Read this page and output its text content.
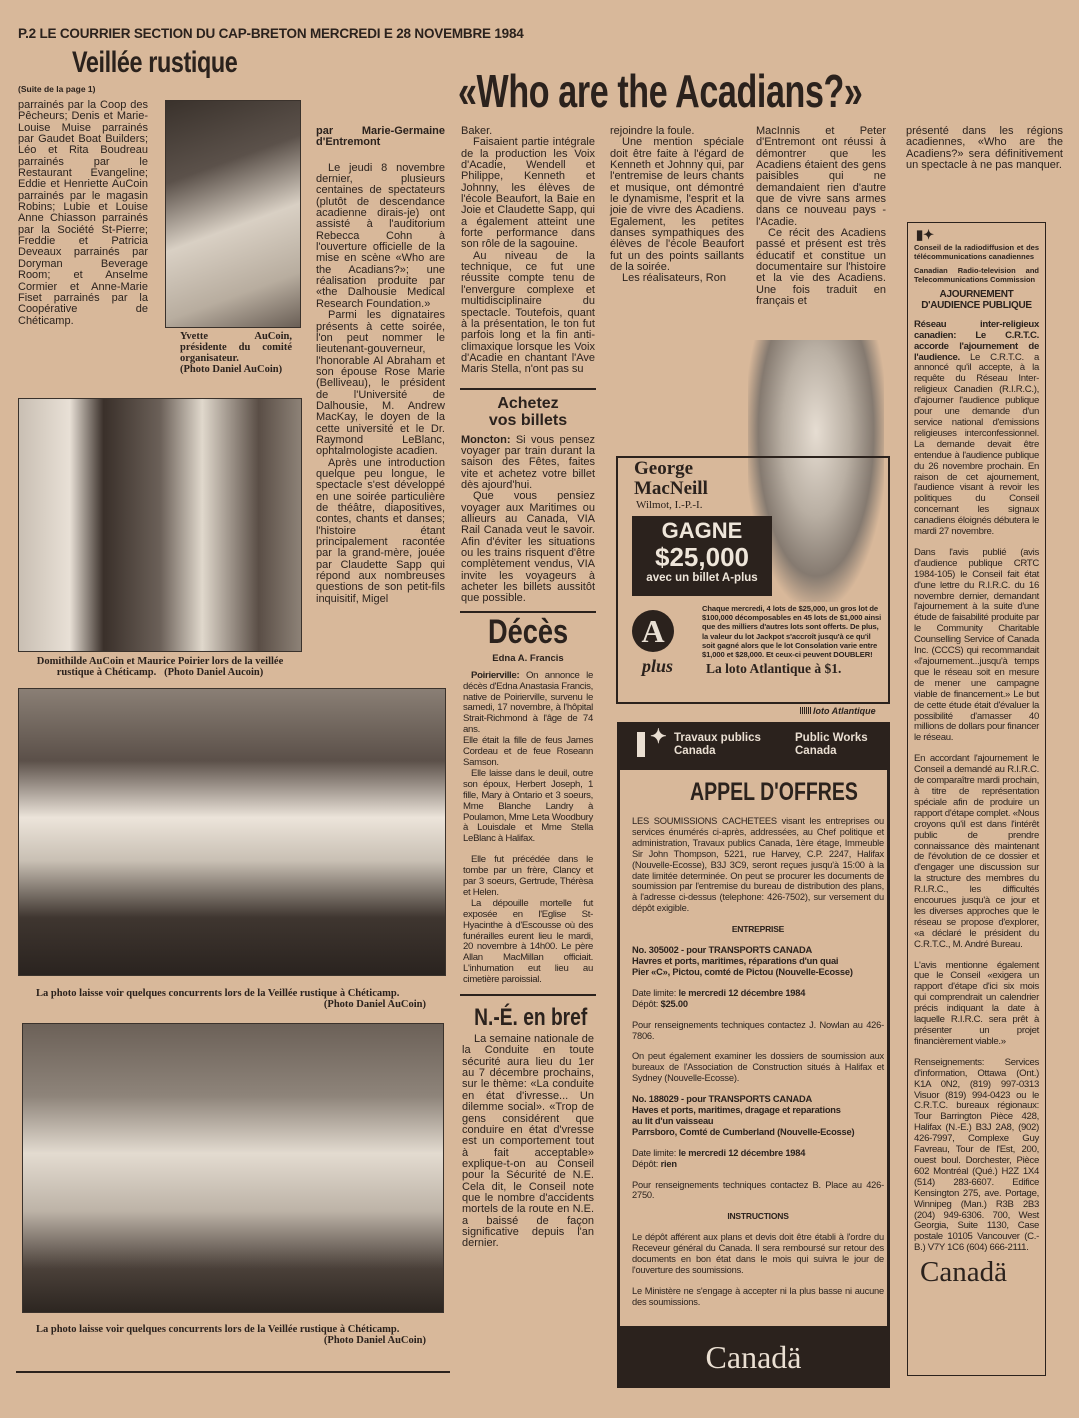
P.2 LE COURRIER SECTION DU CAP-BRETON MERCREDI E 28 NOVEMBRE 1984
Veillée rustique
(Suite de la page 1)

parrainés par la Coop des Pêcheurs; Denis et Marie-Louise Muise parrainés par Gaudet Boat Builders; Léo et Rita Boudreau parrainés par le Restaurant Evangeline; Eddie et Henriette AuCoin parrainés par le magasin Robins; Lubie et Louise Anne Chiasson parrainés par la Société St-Pierre; Freddie et Patricia Deveaux parrainés par Doryman Beverage Room; et Anselme Cormier et Anne-Marie Fiset parrainés par la Coopérative de Chéticamp.

Yvette AuCoin, présidente du comité organisateur.
(Photo Daniel AuCoin)
Domithilde AuCoin et Maurice Poirier lors de la veillée rustique à Chéticamp. (Photo Daniel Aucoin)
La photo laisse voir quelques concurrents lors de la Veillée rustique à Chéticamp.
(Photo Daniel AuCoin)
La photo laisse voir quelques concurrents lors de la Veillée rustique à Chéticamp.
(Photo Daniel AuCoin)
«Who are the Acadians?»

par Marie-Germaine d'Entremont

Le jeudi 8 novembre dernier, plusieurs centaines de spectateurs (plutôt de descendance acadienne dirais-je) ont assisté à l'auditorium Rebecca Cohn à l'ouverture officielle de la mise en scène «Who are the Acadians?»; une réalisation produite par «the Dalhousie Medical Research Foundation.»

Parmi les dignataires présents à cette soirée, l'on peut nommer le lieutenant-gouverneur, l'honorable Al Abraham et son épouse Rose Marie (Belliveau), le président de l'Université de Dalhousie, M. Andrew MacKay, le doyen de la cette université et le Dr. Raymond LeBlanc, ophtalmologiste acadien.

Après une introduction quelque peu longue, le spectacle s'est développé en une soirée particulière de théâtre, diapositives, contes, chants et danses; l'histoire étant principalement racontée par la grand-mère, jouée par Claudette Sapp qui répond aux nombreuses questions de son petit-fils inquisitif, Migel

Baker.

Faisaient partie intégrale de la production les Voix d'Acadie, Wendell et Philippe, Kenneth et Johnny, les élèves de l'école Beaufort, la Baie en Joie et Claudette Sapp, qui a également atteint une forte performance dans son rôle de la sagouine.

Au niveau de la technique, ce fut une réussite compte tenu de l'envergure complexe et multidisciplinaire du spectacle. Toutefois, quant à la présentation, le ton fut parfois long et la fin anti-climaxique lorsque les Voix d'Acadie en chantant l'Ave Maris Stella, n'ont pas su

Achetez
vos billets

Moncton: Si vous pensez voyager par train durant la saison des Fêtes, faites vite et achetez votre billet dès ajourd'hui.

Que vous pensiez voyager aux Maritimes ou allieurs au Canada, VIA Rail Canada veut le savoir. Afin d'éviter les situations ou les trains risquent d'être complètement vendus, VIA invite les voyageurs à acheter les billets aussitôt que possible.

Décès
Edna A. Francis

Poirierville: On annonce le décès d'Edna Anastasia Francis, native de Poirierville, survenu le samedi, 17 novembre, à l'hôpital Strait-Richmond à l'âge de 74 ans.

Elle était la fille de feus James Cordeau et de feue Roseann Samson.

Elle laisse dans le deuil, outre son époux, Herbert Joseph, 1 fille, Mary à Ontario et 3 soeurs, Mme Blanche Landry à Poulamon, Mme Leta Woodbury à Louisdale et Mme Stella LeBlanc à Halifax.

Elle fut précédée dans le tombe par un frère, Clancy et par 3 soeurs, Gertrude, Thérèsa et Helen.

La dépouille mortelle fut exposée en l'Eglise St-Hyacinthe à d'Escousse où des funérailles eurent lieu le mardi, 20 novembre à 14h00. Le père Allan MacMillan officiait. L'inhumation eut lieu au cimetière paroissial.

N.-É. en bref

La semaine nationale de la Conduite en toute sécurité aura lieu du 1er au 7 décembre prochains, sur le thème: «La conduite en état d'ivresse... Un dilemme social». «Trop de gens considérent que conduire en état d'vresse est un comportement tout à fait acceptable» explique-t-on au Conseil pour la Sécurité de N.E. Cela dit, le Conseil note que le nombre d'accidents mortels de la route en N.E. a baissé de façon significative depuis l'an dernier.

rejoindre la foule.

Une mention spéciale doit être faite à l'égard de Kenneth et Johnny qui, par l'entremise de leurs chants et musique, ont démontré le dynamisme, l'esprit et la joie de vivre des Acadiens. Egalement, les petites danses sympathiques des élèves de l'école Beaufort fut un des points saillants de la soirée.

Les réalisateurs, Ron

MacInnis et Peter d'Entremont ont réussi à démontrer que les Acadiens étaient des gens paisibles qui ne demandaient rien d'autre que de vivre sans armes dans ce nouveau pays - l'Acadie.

Ce récit des Acadiens passé et présent est très éducatif et constitue un documentaire sur l'histoire et la vie des Acadiens. Une fois traduit en français et

présenté dans les régions acadiennes, «Who are the Acadiens?» sera définitivement un spectacle à ne pas manquer.

George
MacNeill
Wilmot, I.-P.-I.
GAGNE
$25,000
avec un billet A-plus
A
plus
Chaque mercredi, 4 lots de $25,000, un gros lot de $100,000 décomposables en 45 lots de $1,000 ainsi que des milliers d'autres lots sont offerts. De plus, la valeur du lot Jackpot s'accroît jusqu'à ce qu'il soit gagné alors que le lot Consolation varie entre $1,000 et $28,000. Et ceux-ci peuvent DOUBLER!
La loto Atlantique à $1.
loto Atlantique
✦ Travaux publics
Canada
Public Works
Canada
APPEL D'OFFRES

LES SOUMISSIONS CACHETEES visant les entreprises ou services énumérés ci-après, addressées, au Chef politique et administration, Travaux publics Canada, 1ère étage, Immeuble Sir John Thompson, 5221, rue Harvey, C.P. 2247, Halifax (Nouvelle-Ecosse), B3J 3C9, seront reçues jusqu'à 15:00 à la date limitée determinée. On peut se procurer les documents de soumission par l'entremise du bureau de distribution des plans, à l'adresse ci-dessus (telephone: 426-7502), sur versement du dépôt exigible.

ENTREPRISE

No. 305002 - pour TRANSPORTS CANADA
Havres et ports, maritimes, réparations d'un quai
Pier «C», Pictou, comté de Pictou (Nouvelle-Ecosse)

Date limite: le mercredi 12 décembre 1984
Dépôt: $25.00

Pour renseignements techniques contactez J. Nowlan au 426-7806.

On peut également examiner les dossiers de soumission aux bureaux de l'Association de Construction situés à Halifax et Sydney (Nouvelle-Ecosse).

No. 188029 - pour TRANSPORTS CANADA
Haves et ports, maritimes, dragage et reparations
au lit d'un vaisseau
Parrsboro, Comté de Cumberland (Nouvelle-Ecosse)

Date limite: le mercredi 12 décembre 1984
Dépôt: rien

Pour renseignements techniques contactez B. Place au 426-2750.

INSTRUCTIONS

Le dépôt afférent aux plans et devis doit être établi à l'ordre du Receveur général du Canada. Il sera remboursé sur retour des documents en bon état dans le mois qui suivra le jour de l'ouverture des soumissions.

Le Ministère ne s'engage à accepter ni la plus basse ni aucune des soumissions.

Canadä
▮✦

Conseil de la radiodiffusion et des télécommunications canadiennes

Canadian Radio-television and Telecommunications Commission

AJOURNEMENT
D'AUDIENCE PUBLIQUE

Réseau inter-religieux canadien: Le C.R.T.C. accorde l'ajournement de l'audience. Le C.R.T.C. a annoncé qu'il accepte, à la requête du Réseau Inter-religieux Canadien (R.I.R.C.), d'ajourner l'audience publique pour une demande d'un service national d'emissions religieuses interconfessionnel. La demande devait être entendue à l'audience publique du 26 novembre prochain. En raison de cet ajournement, l'audience visant à revoir les politiques du Conseil concernant les signaux canadiens éloignés débutera le mardi 27 novembre.

Dans l'avis publié (avis d'audience publique CRTC 1984-105) le Conseil fait état d'une lettre du R.I.R.C. du 16 novembre dernier, demandant l'ajournement à la suite d'une étude de faisabilité produite par le Community Charitable Counselling Service of Canada Inc. (CCCS) qui recommandait «l'ajournement...jusqu'à temps que le réseau soit en mesure de mener une campagne viable de financement.» Le but de cette étude était d'évaluer la possibilité d'amasser 40 millions de dollars pour financer le réseau.

En accordant l'ajournement le Conseil a demandé au R.I.R.C. de comparaître mardi prochain, à titre de représentation spéciale afin de produire un rapport d'étape complet. «Nous croyons qu'il est dans l'intérêt public de prendre connaissance dès maintenant de l'évolution de ce dossier et d'engager une discussion sur la structure des membres du R.I.R.C., les difficultés encourues jusqu'à ce jour et les diverses approches que le réseau se propose d'explorer, «a déclaré le président du C.R.T.C., M. André Bureau.

L'avis mentionne également que le Conseil «exigera un rapport d'étape d'ici six mois qui comprendrait un calendrier précis indiquant la date à laquelle R.I.R.C. sera prêt à présenter un projet financièrement viable.»

Renseignements: Services d'information, Ottawa (Ont.) K1A 0N2, (819) 997-0313 Visuor (819) 994-0423 ou le C.R.T.C. bureaux régionaux: Tour Barrington Pièce 428, Halifax (N.-E.) B3J 2A8, (902) 426-7997, Complexe Guy Favreau, Tour de l'Est, 200, ouest boul. Dorchester, Pièce 602 Montréal (Qué.) H2Z 1X4 (514) 283-6607. Edifice Kensington 275, ave. Portage, Winnipeg (Man.) R3B 2B3 (204) 949-6306. 700, West Georgia, Suite 1130, Case postale 10105 Vancouver (C.-B.) V7Y 1C6 (604) 666-2111.

Canadä
